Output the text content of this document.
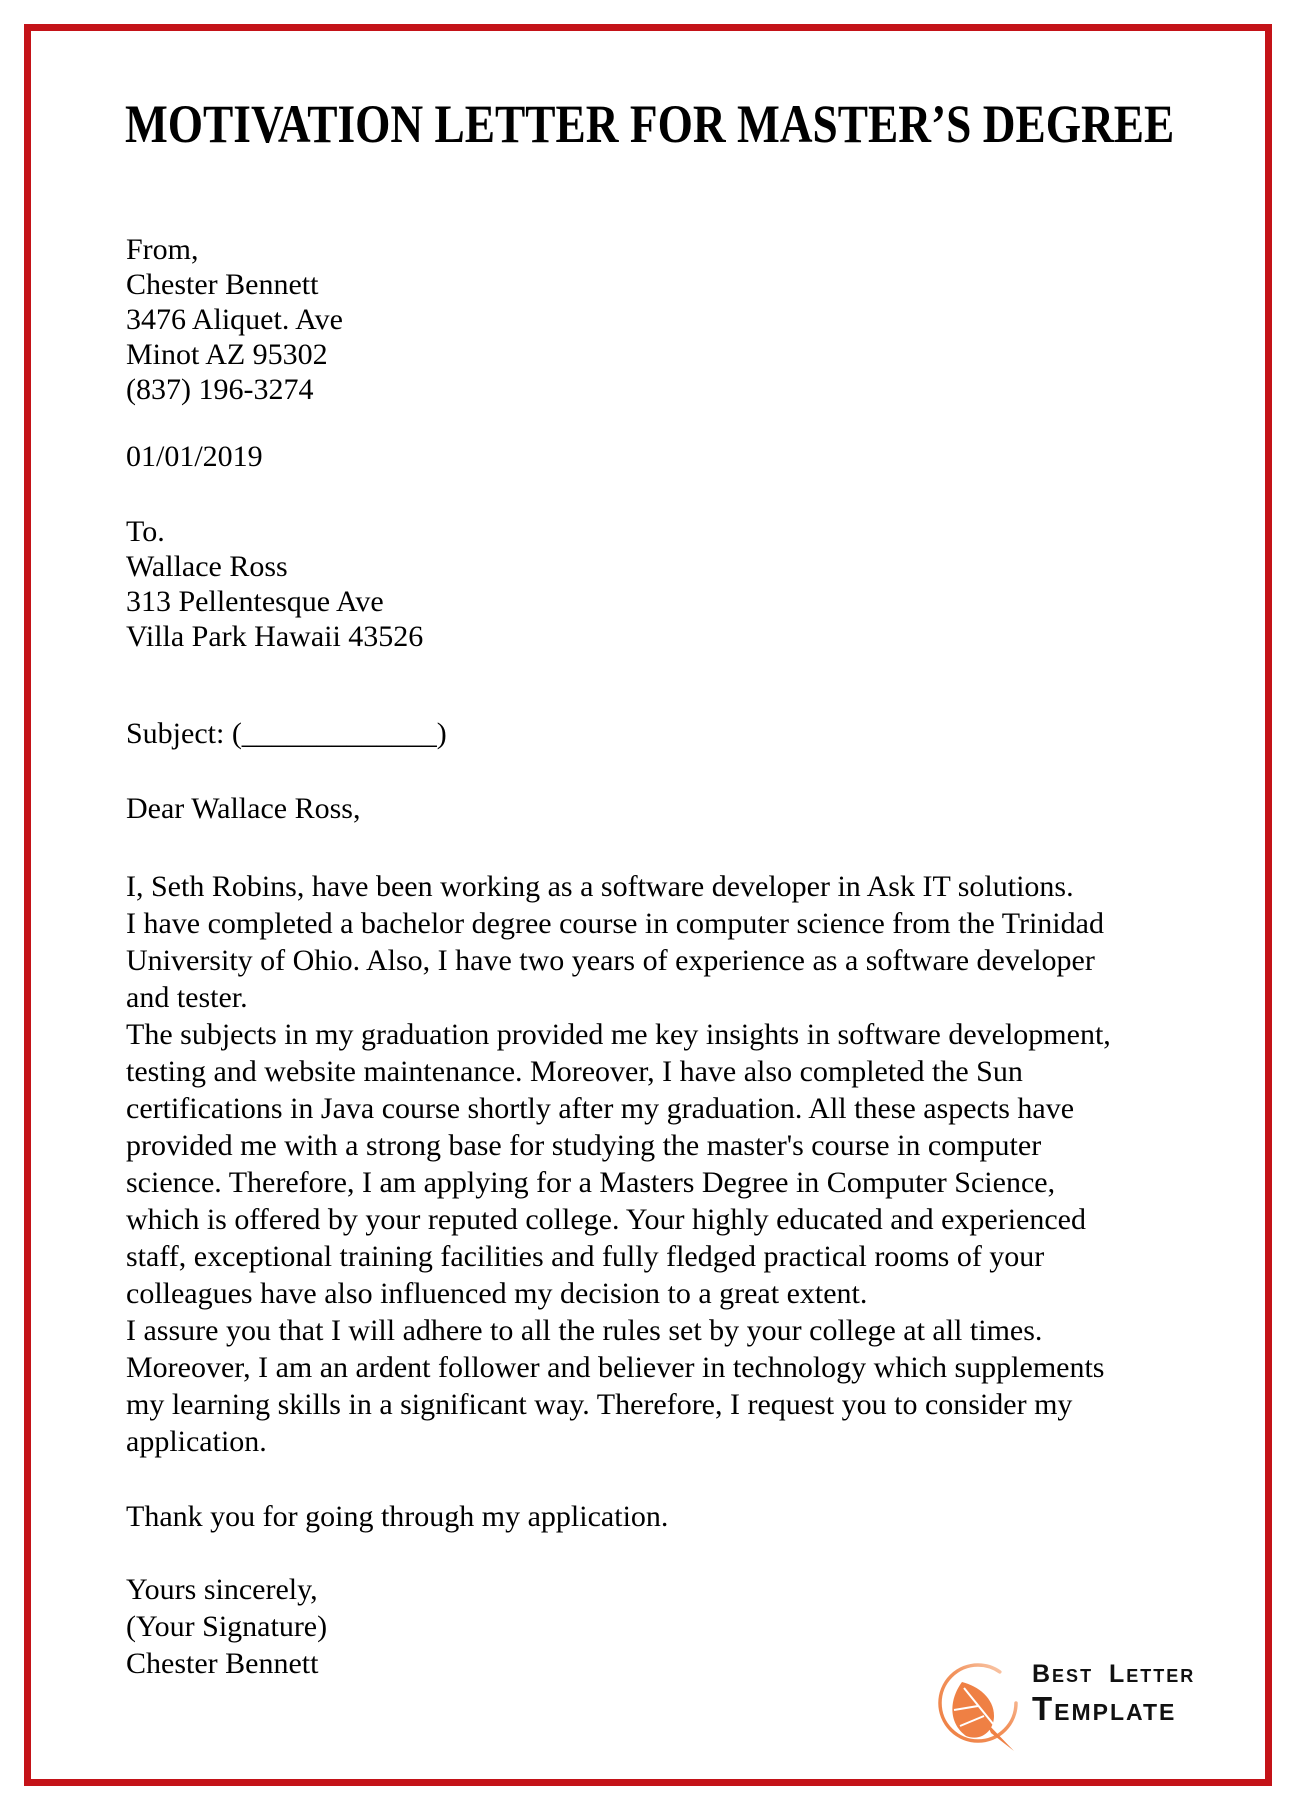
MOTIVATION LETTER FOR MASTER’S DEGREE
From,
Chester Bennett
3476 Aliquet. Ave
Minot AZ 95302
(837) 196-3274
01/01/2019
To.
Wallace Ross
313 Pellentesque Ave
Villa Park Hawaii 43526
Subject: (_____________)
Dear Wallace Ross,
I, Seth Robins, have been working as a software developer in Ask IT solutions.
I have completed a bachelor degree course in computer science from the Trinidad
University of Ohio. Also, I have two years of experience as a software developer
and tester.
The subjects in my graduation provided me key insights in software development,
testing and website maintenance. Moreover, I have also completed the Sun
certifications in Java course shortly after my graduation. All these aspects have
provided me with a strong base for studying the master's course in computer
science. Therefore, I am applying for a Masters Degree in Computer Science,
which is offered by your reputed college. Your highly educated and experienced
staff, exceptional training facilities and fully fledged practical rooms of your
colleagues have also influenced my decision to a great extent.
I assure you that I will adhere to all the rules set by your college at all times.
Moreover, I am an ardent follower and believer in technology which supplements
my learning skills in a significant way. Therefore, I request you to consider my
application.
Thank you for going through my application.
Yours sincerely,
(Your Signature)
Chester Bennett	Best Letter
Template
